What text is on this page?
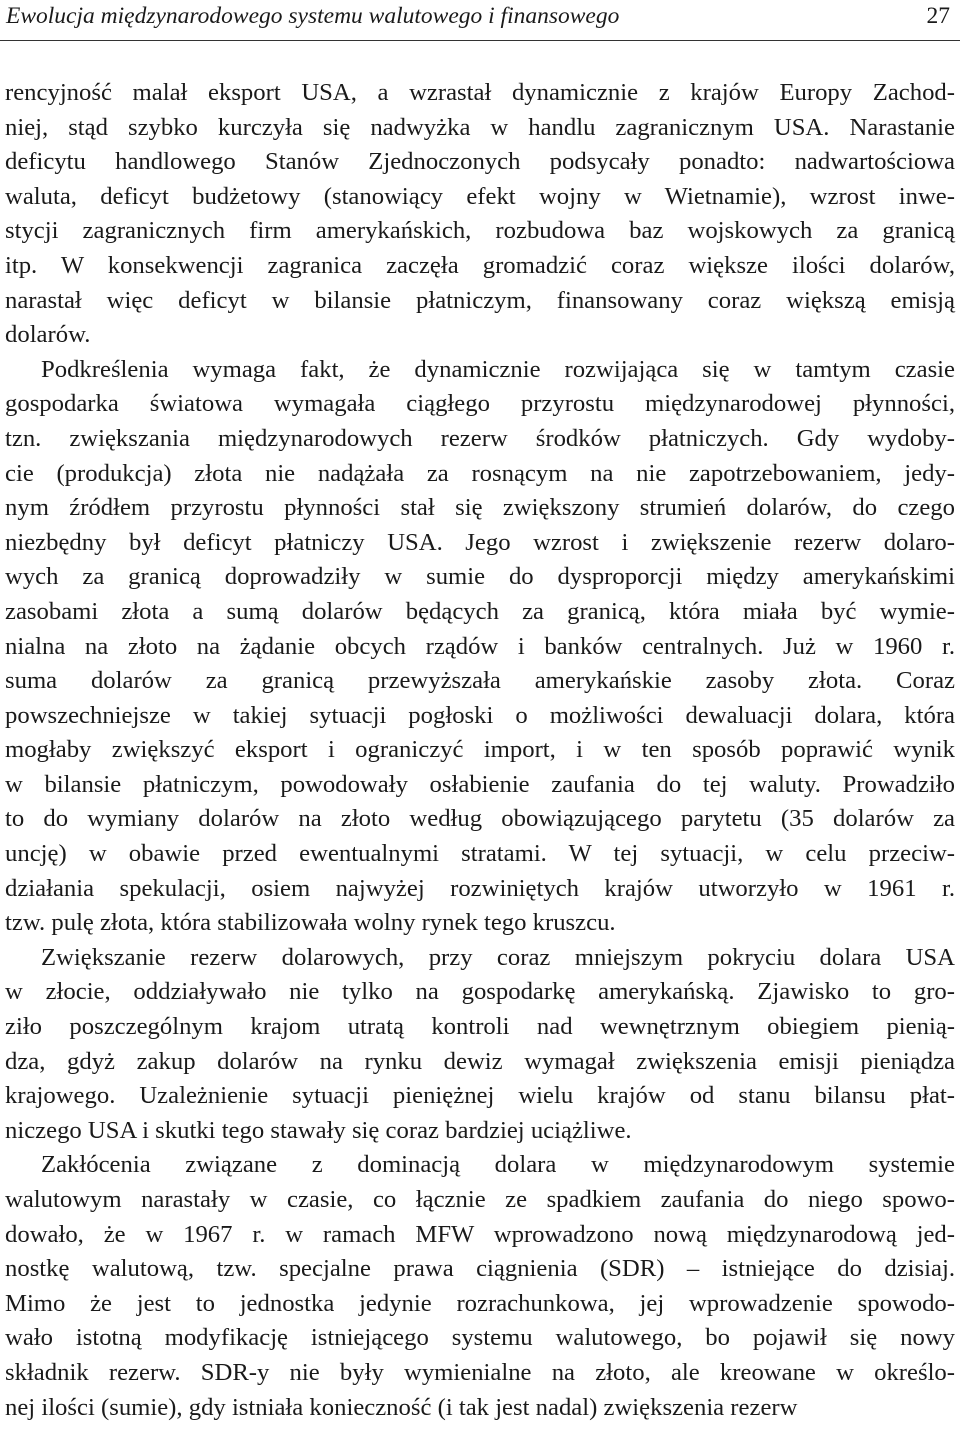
Ewolucja międzynarodowego systemu walutowego i finansowego	27

rencyjność malał eksport USA, a wzrastał dynamicznie z krajów Europy Zachod-
niej, stąd szybko kurczyła się nadwyżka w handlu zagranicznym USA. Narastanie
deficytu handlowego Stanów Zjednoczonych podsycały ponadto: nadwartościowa
waluta, deficyt budżetowy (stanowiący efekt wojny w Wietnamie), wzrost inwe-
stycji zagranicznych firm amerykańskich, rozbudowa baz wojskowych za granicą
itp. W konsekwencji zagranica zaczęła gromadzić coraz większe ilości dolarów,
narastał więc deficyt w bilansie płatniczym, finansowany coraz większą emisją
dolarów.

Podkreślenia wymaga fakt, że dynamicznie rozwijająca się w tamtym czasie
gospodarka światowa wymagała ciągłego przyrostu międzynarodowej płynności,
tzn. zwiększania międzynarodowych rezerw środków płatniczych. Gdy wydoby-
cie (produkcja) złota nie nadążała za rosnącym na nie zapotrzebowaniem, jedy-
nym źródłem przyrostu płynności stał się zwiększony strumień dolarów, do czego
niezbędny był deficyt płatniczy USA. Jego wzrost i zwiększenie rezerw dolaro-
wych za granicą doprowadziły w sumie do dysproporcji między amerykańskimi
zasobami złota a sumą dolarów będących za granicą, która miała być wymie-
nialna na złoto na żądanie obcych rządów i banków centralnych. Już w 1960 r.
suma dolarów za granicą przewyższała amerykańskie zasoby złota. Coraz
powszechniejsze w takiej sytuacji pogłoski o możliwości dewaluacji dolara, która
mogłaby zwiększyć eksport i ograniczyć import, i w ten sposób poprawić wynik
w bilansie płatniczym, powodowały osłabienie zaufania do tej waluty. Prowadziło
to do wymiany dolarów na złoto według obowiązującego parytetu (35 dolarów za
uncję) w obawie przed ewentualnymi stratami. W tej sytuacji, w celu przeciw-
działania spekulacji, osiem najwyżej rozwiniętych krajów utworzyło w 1961 r.
tzw. pulę złota, która stabilizowała wolny rynek tego kruszcu.

Zwiększanie rezerw dolarowych, przy coraz mniejszym pokryciu dolara USA
w złocie, oddziaływało nie tylko na gospodarkę amerykańską. Zjawisko to gro-
ziło poszczególnym krajom utratą kontroli nad wewnętrznym obiegiem pienią-
dza, gdyż zakup dolarów na rynku dewiz wymagał zwiększenia emisji pieniądza
krajowego. Uzależnienie sytuacji pieniężnej wielu krajów od stanu bilansu płat-
niczego USA i skutki tego stawały się coraz bardziej uciążliwe.

Zakłócenia związane z dominacją dolara w międzynarodowym systemie
walutowym narastały w czasie, co łącznie ze spadkiem zaufania do niego spowo-
dowało, że w 1967 r. w ramach MFW wprowadzono nową międzynarodową jed-
nostkę walutową, tzw. specjalne prawa ciągnienia (SDR) – istniejące do dzisiaj.
Mimo że jest to jednostka jedynie rozrachunkowa, jej wprowadzenie spowodo-
wało istotną modyfikację istniejącego systemu walutowego, bo pojawił się nowy
składnik rezerw. SDR-y nie były wymienialne na złoto, ale kreowane w określo-
nej ilości (sumie), gdy istniała konieczność (i tak jest nadal) zwiększenia rezerw
